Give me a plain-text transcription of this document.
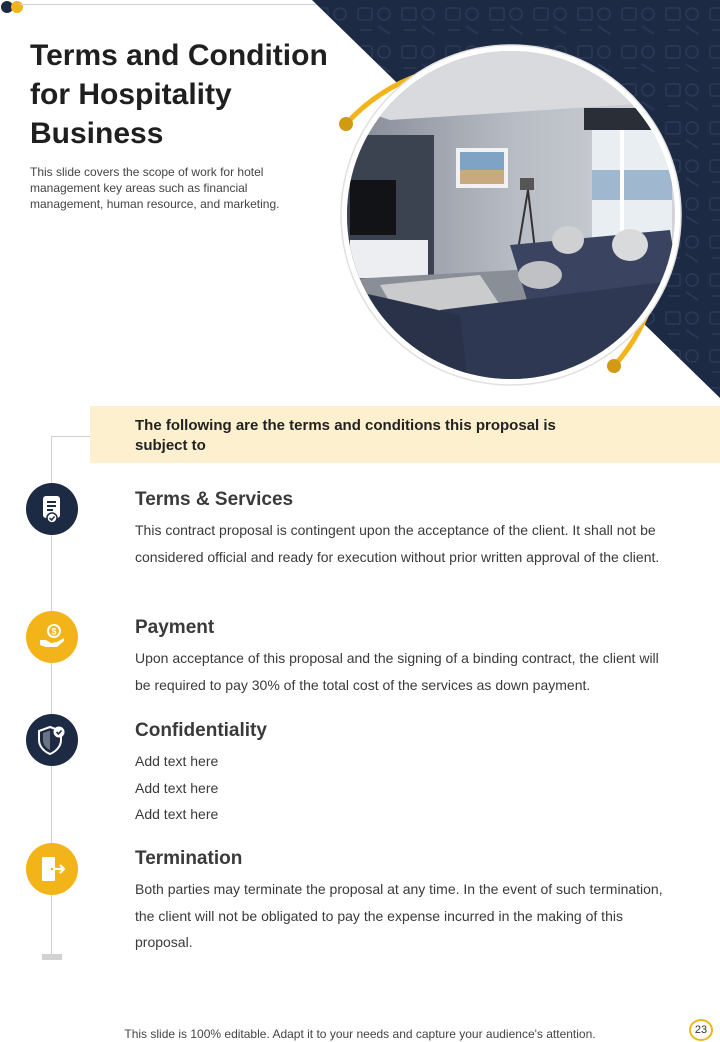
Terms and Condition for Hospitality Business

This slide covers the scope of work for hotel management key areas such as financial management, human resource, and marketing.

The following are the terms and conditions this proposal is subject to

$
Terms & Services

This contract proposal is contingent upon the acceptance of the client. It shall not be considered official and ready for execution without prior written approval of the client.

Payment

Upon acceptance of this proposal and the signing of a binding contract, the client will be required to pay 30% of the total cost of the services as down payment.

Confidentiality

Add text here

Add text here

Add text here

Termination

Both parties may terminate the proposal at any time. In the event of such termination, the client will not be obligated to pay the expense incurred in the making of this proposal.

This slide is 100% editable. Adapt it to your needs and capture your audience's attention.	23
